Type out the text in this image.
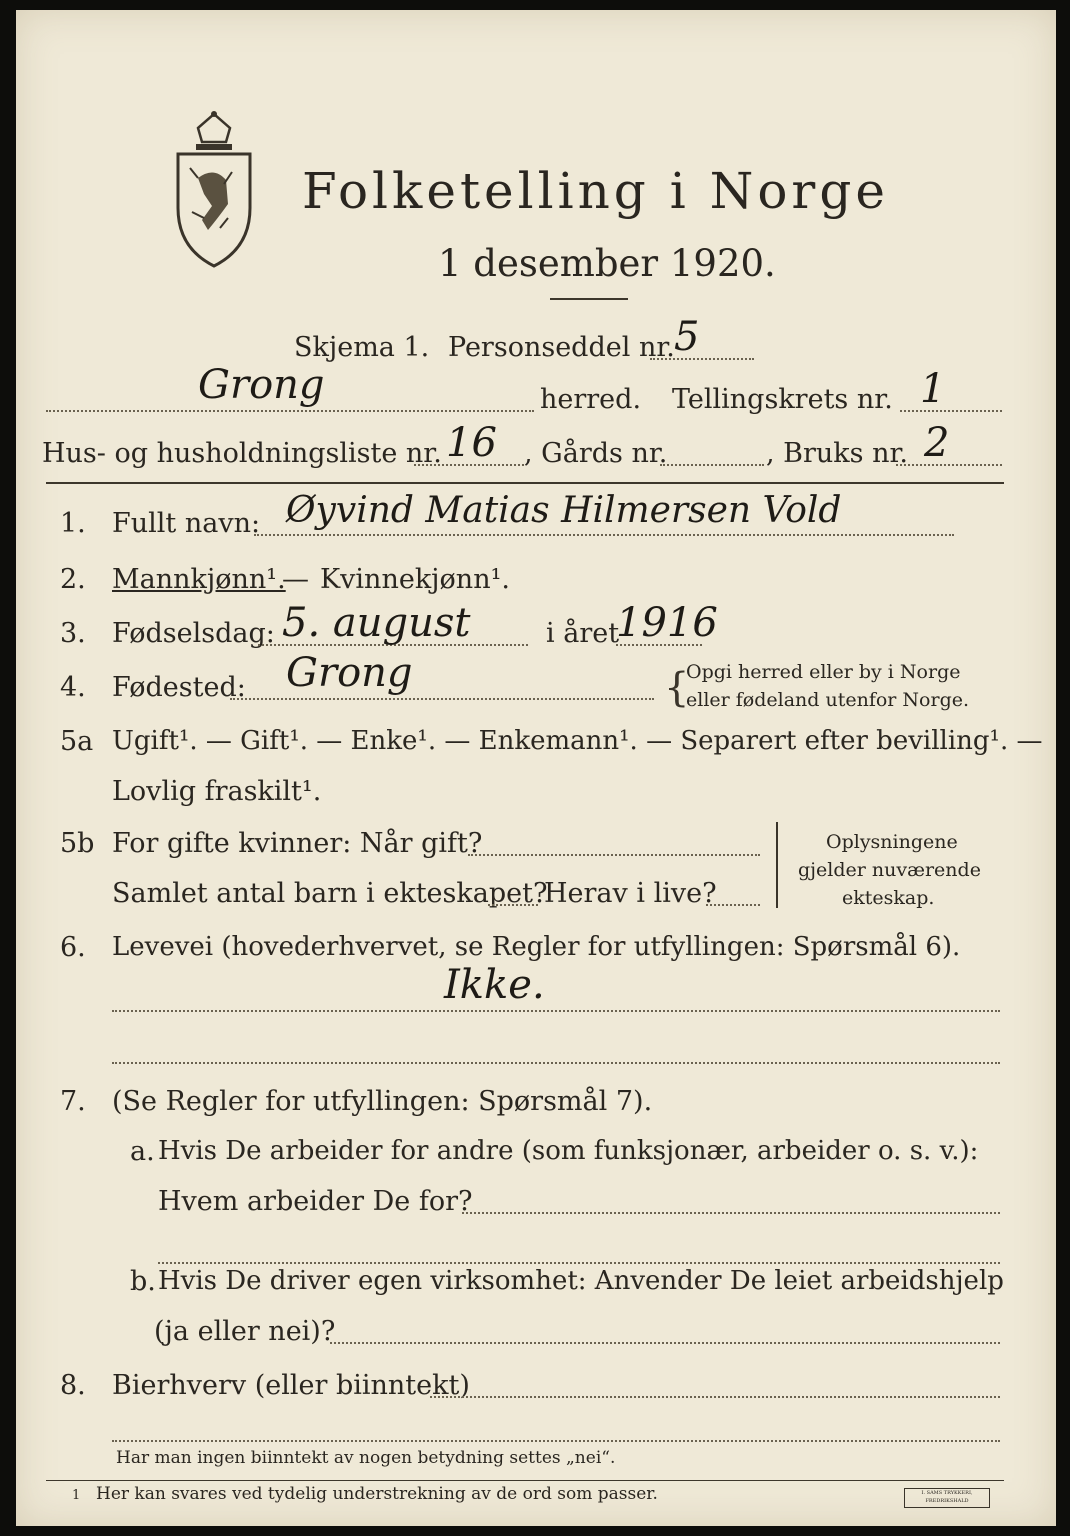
Folketelling i Norge
1 desember 1920.
Skjema 1. Personseddel nr. 5
Grong	herred. Tellingskrets nr. 1
Hus- og husholdningsliste nr. 16 , Gårds nr.	, Bruks nr. 2
1. Fullt navn: Øyvind Matias Hilmersen Vold
2. Mannkjønn¹.
— Kvinnekjønn¹.
3. Fødselsdag: 5. august	i året
1916
4. Fødested: Grong	{
Opgi herred eller by i Norge
eller fødeland utenfor Norge.
5a Ugift¹. — Gift¹. — Enke¹. — Enkemann¹. — Separert efter bevilling¹. —
Lovlig fraskilt¹.
5b For gifte kvinner: Når gift?
Samlet antal barn i ekteskapet?
Herav i live?
Oplysningene
gjelder nuværende
ekteskap.
6. Levevei (hovederhvervet, se Regler for utfyllingen: Spørsmål 6).
Ikke.
7. (Se Regler for utfyllingen: Spørsmål 7).
a. Hvis De arbeider for andre (som funksjonær, arbeider o. s. v.):
Hvem arbeider De for?
b. Hvis De driver egen virksomhet: Anvender De leiet arbeidshjelp
(ja eller nei)?
8. Bierhverv (eller biinntekt)
Har man ingen biinntekt av nogen betydning settes „nei“.
1 Her kan svares ved tydelig understrekning av de ord som passer.	I. SAMS TRYKKERI, FREDRIKSHALD
